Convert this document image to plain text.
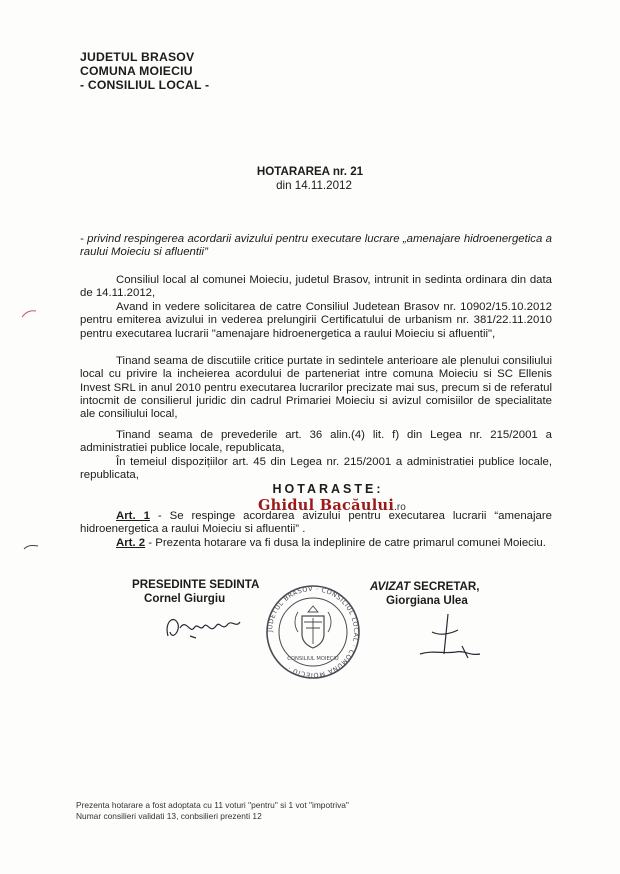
JUDETUL BRASOV
COMUNA MOIECIU
- CONSILIUL LOCAL -
HOTARAREA nr. 21
din 14.11.2012

- privind respingerea acordarii avizului pentru executare lucrare „amenajare hidroenergetica a raului Moieciu si afluentii”

Consiliul local al comunei Moieciu, judetul Brasov, intrunit in sedinta ordinara din data de 14.11.2012,

Avand in vedere solicitarea de catre Consiliul Judetean Brasov nr. 10902/15.10.2012 pentru emiterea avizului in vederea prelungirii Certificatului de urbanism nr. 381/22.11.2010 pentru executarea lucrarii "amenajare hidroenergetica a raului Moieciu si afluentii",

Tinand seama de discutiile critice purtate in sedintele anterioare ale plenului consiliului local cu privire la incheierea acordului de parteneriat intre comuna Moieciu si SC Ellenis Invest SRL in anul 2010 pentru executarea lucrarilor precizate mai sus, precum si de referatul intocmit de consilierul juridic din cadrul Primariei Moieciu si avizul comisiilor de specialitate ale consiliului local,

Tinand seama de prevederile art. 36 alin.(4) lit. f) din Legea nr. 215/2001 a administratiei publice locale, republicata,

În temeiul dispozițiilor art. 45 din Legea nr. 215/2001 a administratiei publice locale, republicata,

HOTARASTE:
Ghidul Bacăului.ro

Art. 1 - Se respinge acordarea avizului pentru executarea lucrarii “amenajare hidroenergetica a raului Moieciu si afluentii” .

Art. 2 - Prezenta hotarare va fi dusa la indeplinire de catre primarul comunei Moieciu.

PRESEDINTE SEDINTA
Cornel Giurgiu
AVIZAT SECRETAR,
Giorgiana Ulea
JUDETUL BRASOV · CONSILIUL LOCAL · COMUNA MOIECIU ·
CONSILIUL MOIECIU
Prezenta hotarare a fost adoptata cu 11 voturi "pentru" si 1 vot "impotriva"
Numar consilieri validati 13, conbsilieri prezenti 12
